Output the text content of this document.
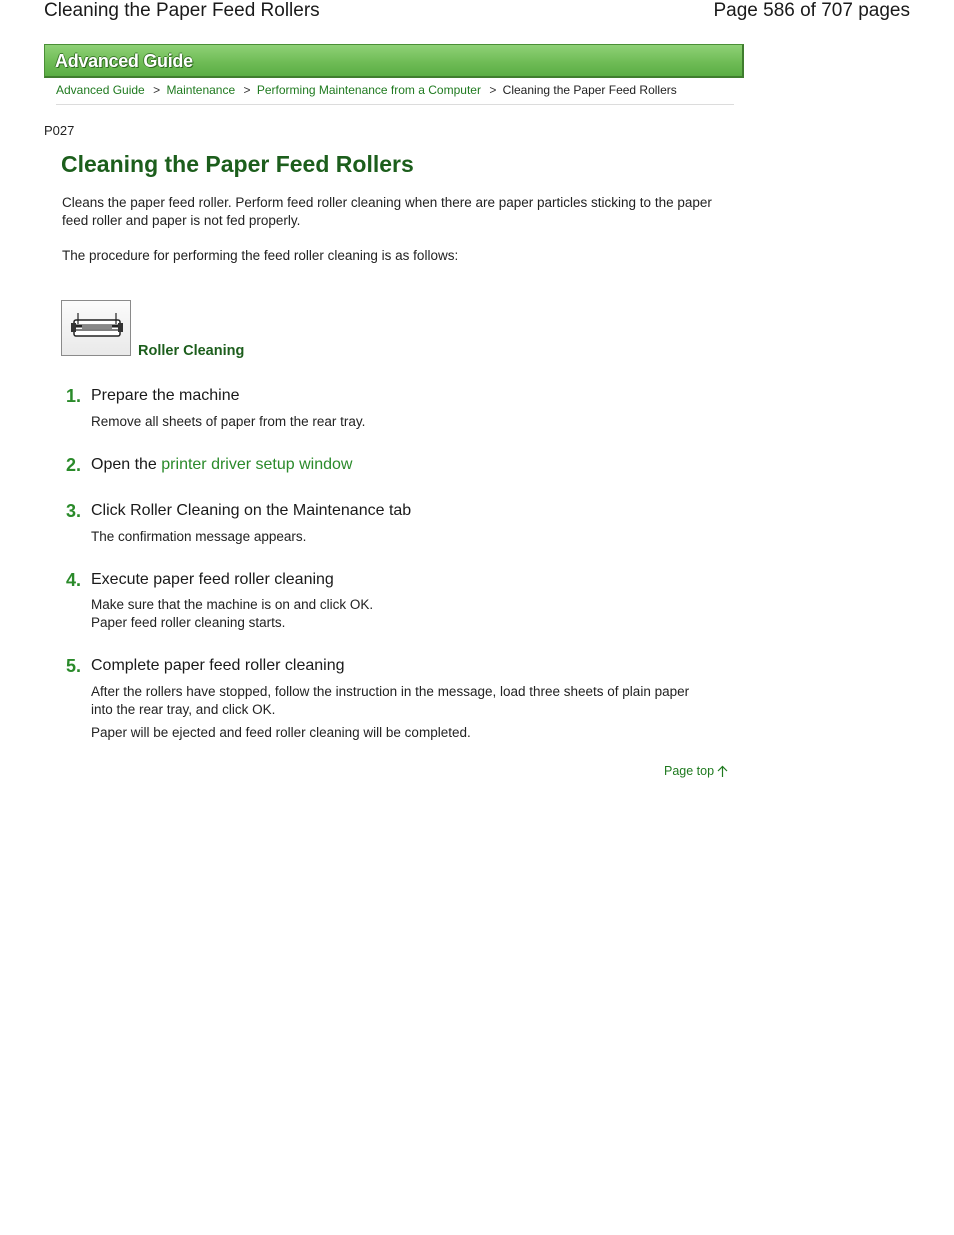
Cleaning the Paper Feed Rollers	Page 586 of 707 pages
Advanced Guide
Advanced Guide > Maintenance > Performing Maintenance from a Computer > Cleaning the Paper Feed Rollers
P027
Cleaning the Paper Feed Rollers

Cleans the paper feed roller. Perform feed roller cleaning when there are paper particles sticking to the paper feed roller and paper is not fed properly.

The procedure for performing the feed roller cleaning is as follows:

Roller Cleaning
1. Prepare the machine

Remove all sheets of paper from the rear tray.

2. Open the printer driver setup window
3. Click Roller Cleaning on the Maintenance tab

The confirmation message appears.

4. Execute paper feed roller cleaning

Make sure that the machine is on and click OK.

Paper feed roller cleaning starts.

5. Complete paper feed roller cleaning

After the rollers have stopped, follow the instruction in the message, load three sheets of plain paper into the rear tray, and click OK.

Paper will be ejected and feed roller cleaning will be completed.

Page top
